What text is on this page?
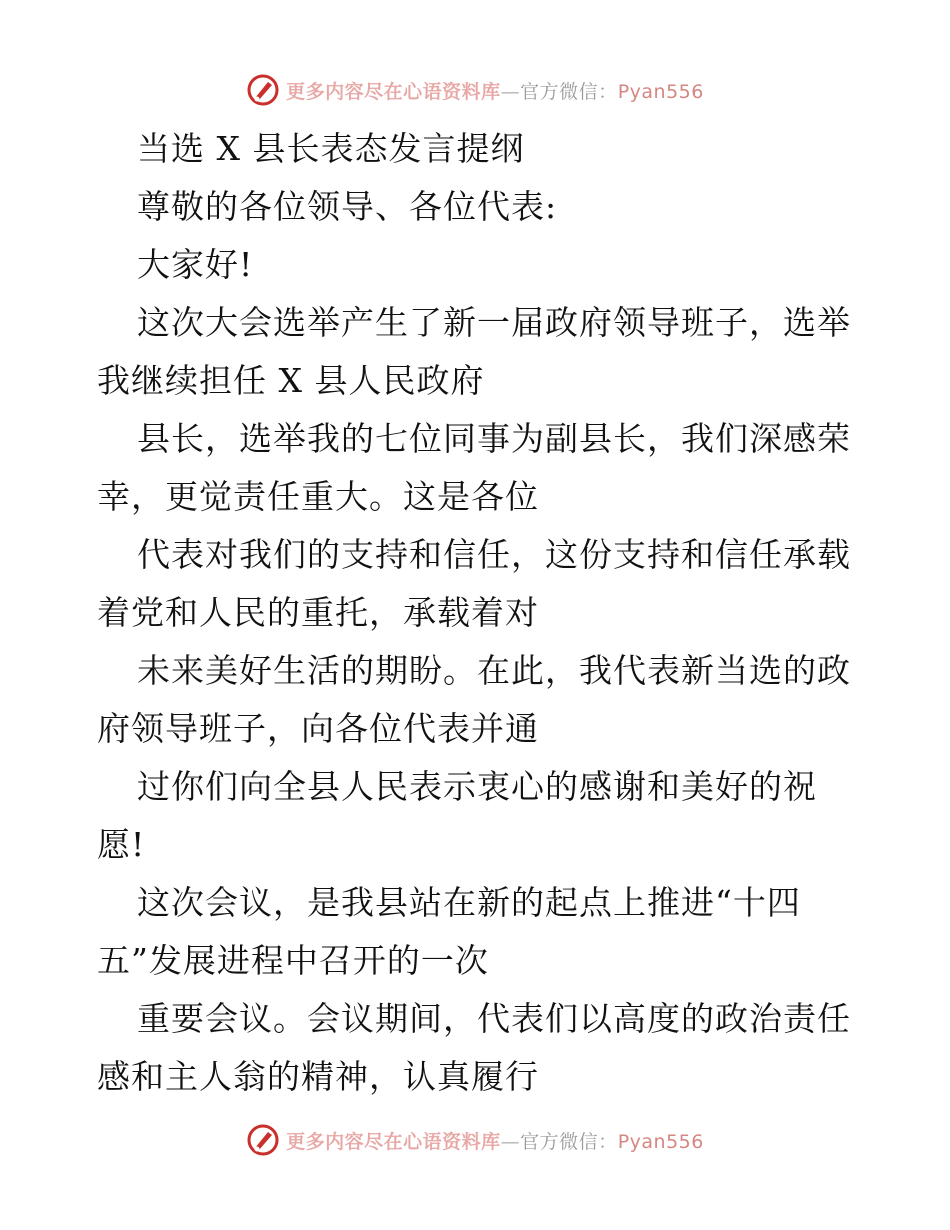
更多内容尽在心语资料库—官方微信：Pyan556
当选 X 县长表态发言提纲
尊敬的各位领导、各位代表:
大家好!
这次大会选举产生了新一届政府领导班子，选举
我继续担任 X 县人民政府
县长，选举我的七位同事为副县长，我们深感荣
幸，更觉责任重大。这是各位
代表对我们的支持和信任，这份支持和信任承载
着党和人民的重托，承载着对
未来美好生活的期盼。在此，我代表新当选的政
府领导班子，向各位代表并通
过你们向全县人民表示衷心的感谢和美好的祝
愿!
这次会议，是我县站在新的起点上推进“十四
五”发展进程中召开的一次
重要会议。会议期间，代表们以高度的政治责任
感和主人翁的精神，认真履行
更多内容尽在心语资料库—官方微信：Pyan556
